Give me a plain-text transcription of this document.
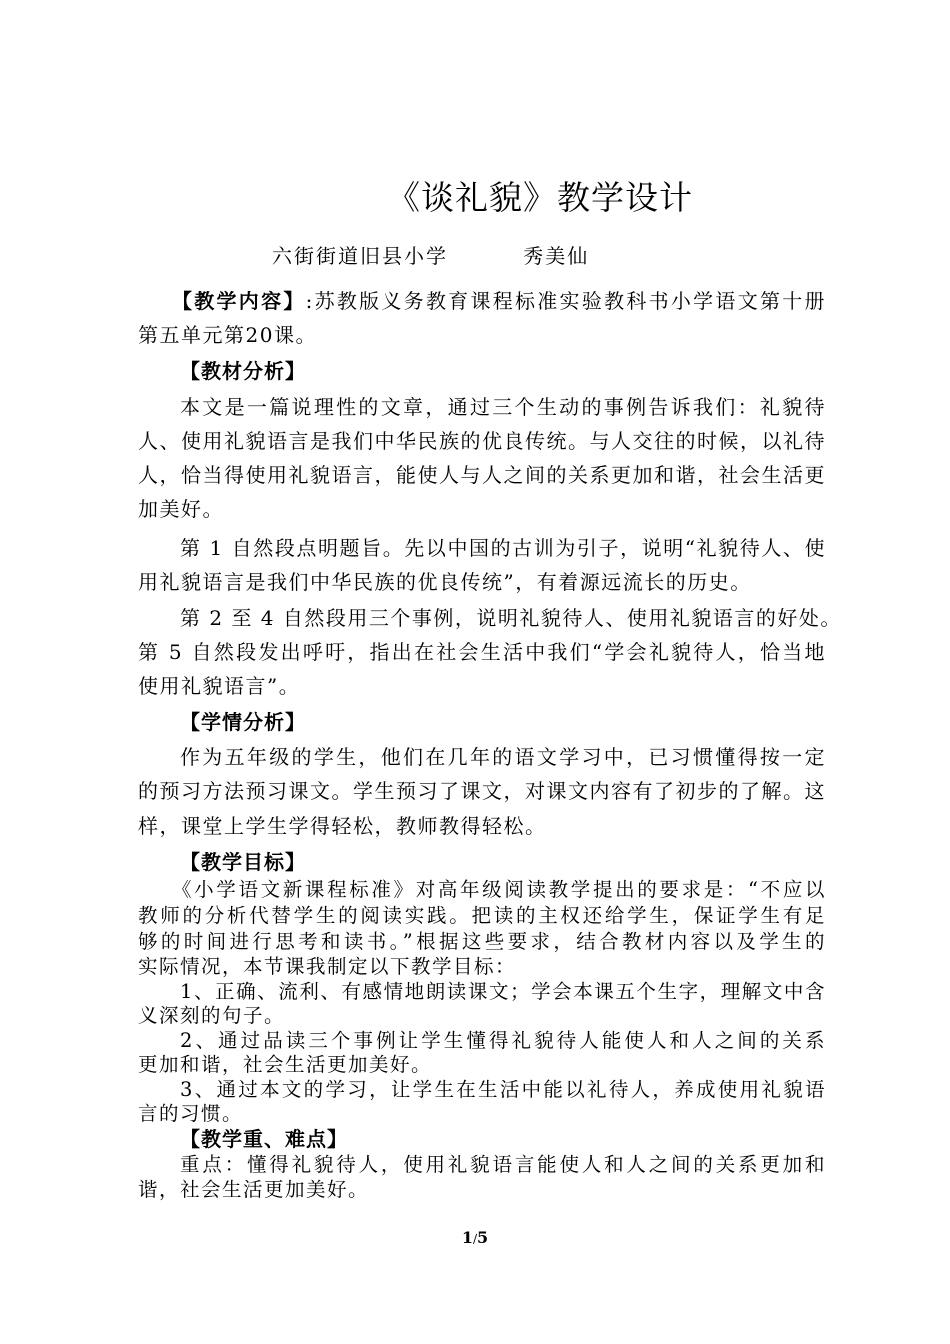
《谈礼貌》教学设计
六街街道旧县小学	秀美仙
【教学内容】:苏教版义务教育课程标准实验教科书小学语文第十册
第五单元第20课。
【教材分析】
本文是一篇说理性的文章，通过三个生动的事例告诉我们：礼貌待
人、使用礼貌语言是我们中华民族的优良传统。与人交往的时候，以礼待
人，恰当得使用礼貌语言，能使人与人之间的关系更加和谐，社会生活更
加美好。
第 1 自然段点明题旨。先以中国的古训为引子，说明“礼貌待人、使
用礼貌语言是我们中华民族的优良传统”，有着源远流长的历史。
第 2 至 4 自然段用三个事例，说明礼貌待人、使用礼貌语言的好处。
第 5 自然段发出呼吁，指出在社会生活中我们“学会礼貌待人，恰当地
使用礼貌语言”。
【学情分析】
作为五年级的学生，他们在几年的语文学习中，已习惯懂得按一定
的预习方法预习课文。学生预习了课文，对课文内容有了初步的了解。这
样，课堂上学生学得轻松，教师教得轻松。
【教学目标】
《小学语文新课程标准》对高年级阅读教学提出的要求是：“不应以
教师的分析代替学生的阅读实践。把读的主权还给学生，保证学生有足
够的时间进行思考和读书。”根据这些要求，结合教材内容以及学生的
实际情况，本节课我制定以下教学目标：
1、正确、流利、有感情地朗读课文；学会本课五个生字，理解文中含
义深刻的句子。
2、通过品读三个事例让学生懂得礼貌待人能使人和人之间的关系
更加和谐，社会生活更加美好。
3、通过本文的学习，让学生在生活中能以礼待人，养成使用礼貌语
言的习惯。
【教学重、难点】
重点：懂得礼貌待人，使用礼貌语言能使人和人之间的关系更加和
谐，社会生活更加美好。
1/5
